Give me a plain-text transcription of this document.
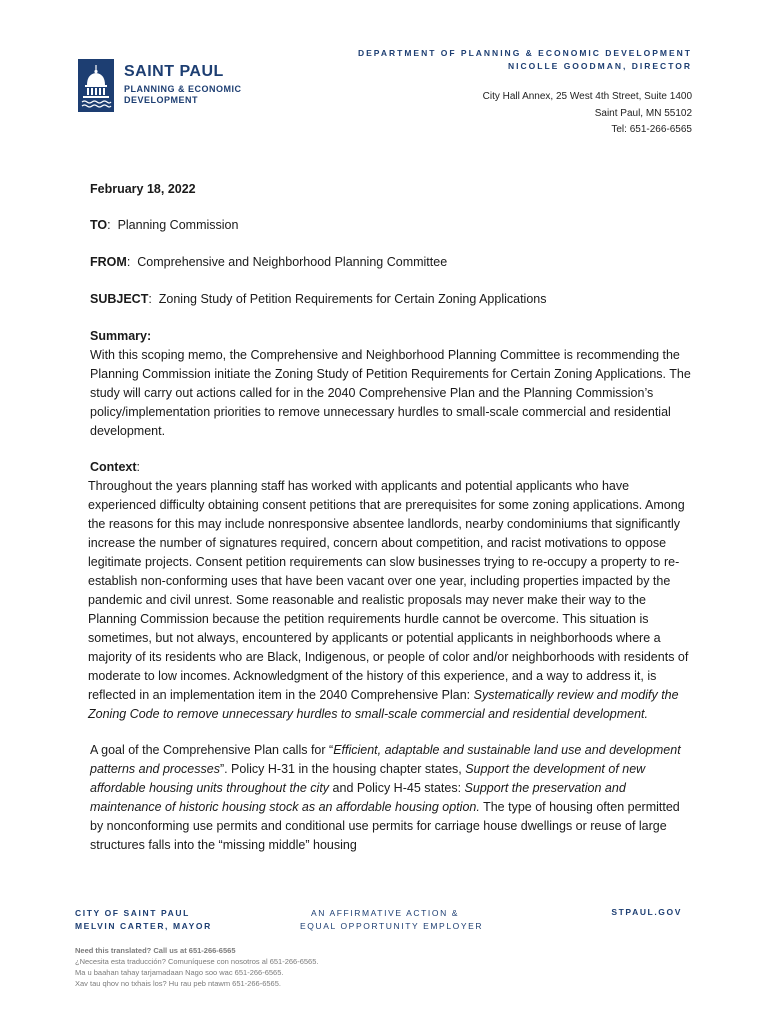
SAINT PAUL
PLANNING & ECONOMIC DEVELOPMENT
DEPARTMENT OF PLANNING & ECONOMIC DEVELOPMENT
NICOLLE GOODMAN, DIRECTOR
City Hall Annex, 25 West 4th Street, Suite 1400
Saint Paul, MN 55102
Tel: 651-266-6565
February 18, 2022
TO:  Planning Commission
FROM:  Comprehensive and Neighborhood Planning Committee
SUBJECT:  Zoning Study of Petition Requirements for Certain Zoning Applications
Summary:

With this scoping memo, the Comprehensive and Neighborhood Planning Committee is recommending the Planning Commission initiate the Zoning Study of Petition Requirements for Certain Zoning Applications. The study will carry out actions called for in the 2040 Comprehensive Plan and the Planning Commission’s policy/implementation priorities to remove unnecessary hurdles to small-scale commercial and residential development.

Context:

Throughout the years planning staff has worked with applicants and potential applicants who have experienced difficulty obtaining consent petitions that are prerequisites for some zoning applications. Among the reasons for this may include nonresponsive absentee landlords, nearby condominiums that significantly increase the number of signatures required, concern about competition, and racist motivations to oppose legitimate projects. Consent petition requirements can slow businesses trying to re-occupy a property to re-establish non-conforming uses that have been vacant over one year, including properties impacted by the pandemic and civil unrest. Some reasonable and realistic proposals may never make their way to the Planning Commission because the petition requirements hurdle cannot be overcome. This situation is sometimes, but not always, encountered by applicants or potential applicants in neighborhoods where a majority of its residents who are Black, Indigenous, or people of color and/or neighborhoods with residents of moderate to low incomes. Acknowledgment of the history of this experience, and a way to address it, is reflected in an implementation item in the 2040 Comprehensive Plan: Systematically review and modify the Zoning Code to remove unnecessary hurdles to small-scale commercial and residential development.

A goal of the Comprehensive Plan calls for “Efficient, adaptable and sustainable land use and development patterns and processes”. Policy H-31 in the housing chapter states, Support the development of new affordable housing units throughout the city and Policy H-45 states: Support the preservation and maintenance of historic housing stock as an affordable housing option. The type of housing often permitted by nonconforming use permits and conditional use permits for carriage house dwellings or reuse of large structures falls into the “missing middle” housing

CITY OF SAINT PAUL
MELVIN CARTER, MAYOR
AN AFFIRMATIVE ACTION &
EQUAL OPPORTUNITY EMPLOYER
STPAUL.GOV
Need this translated? Call us at 651-266-6565
¿Necesita esta traducción? Comuníquese con nosotros al 651-266-6565.
Ma u baahan tahay tarjamadaan Nago soo wac 651-266-6565.
Xav tau qhov no txhais los? Hu rau peb ntawm 651-266-6565.
